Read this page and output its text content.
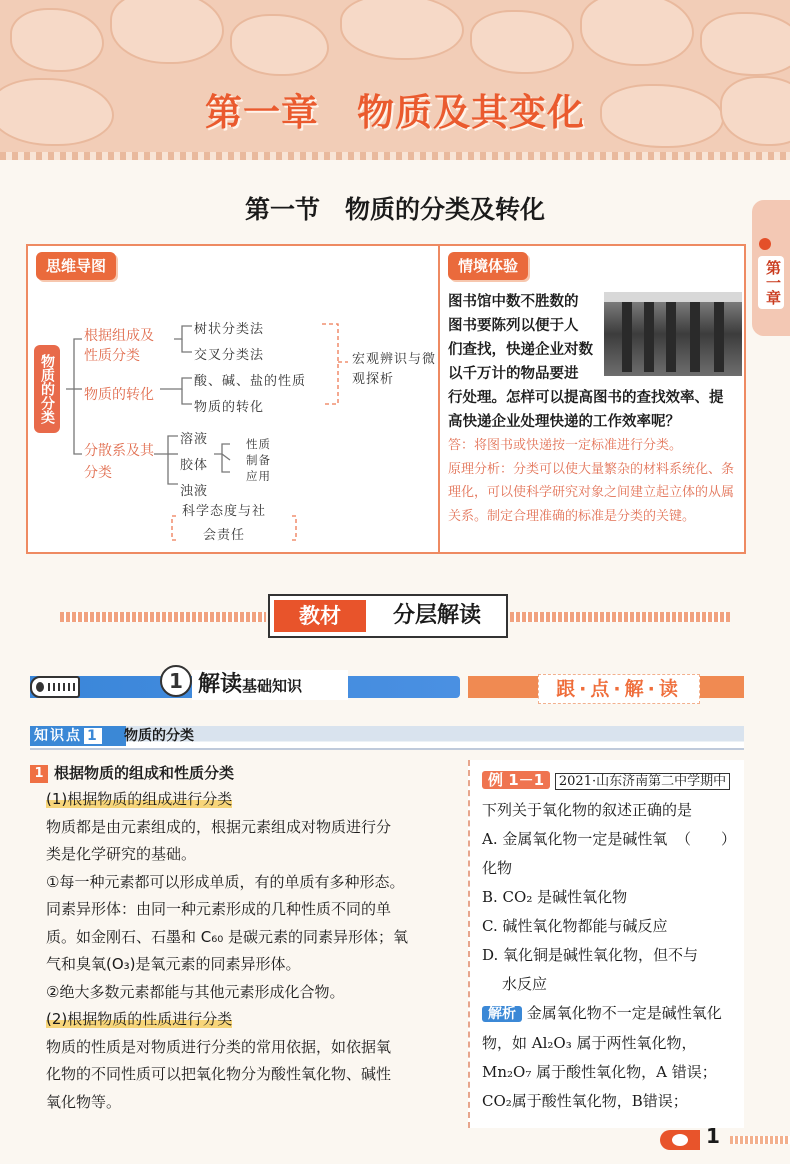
第一章　物质及其变化
第一节　物质的分类及转化
第一章
思维导图	情境体验
物质的分类
根据组成及性质分类
树状分类法
交叉分类法
物质的转化
酸、碱、盐的性质
物质的转化
分散系及其分类
溶液
胶体
浊液
性质制备应用
宏观辨识与微观探析
科学态度与社会责任
图书馆中数不胜数的
图书要陈列以便于人
们查找，快递企业对数
以千万计的物品要进
行处理。怎样可以提高图书的查找效率、提
高快递企业处理快递的工作效率呢？
答：将图书或快递按一定标准进行分类。
原理分析：分类可以使大量繁杂的材料系统化、条理化，可以使科学研究对象之间建立起立体的从属关系。制定合理准确的标准是分类的关键。
教材	分层解读
1 解读基础知识	跟·点·解·读
知识点 1	物质的分类
1 根据物质的组成和性质分类
(1)根据物质的组成进行分类
物质都是由元素组成的，根据元素组成对物质进行分
类是化学研究的基础。
①每一种元素都可以形成单质，有的单质有多种形态。
同素异形体：由同一种元素形成的几种性质不同的单
质。如金刚石、石墨和 C₆₀ 是碳元素的同素异形体；氧
气和臭氧(O₃)是氧元素的同素异形体。
②绝大多数元素都能与其他元素形成化合物。
(2)根据物质的性质进行分类
物质的性质是对物质进行分类的常用依据，如依据氧
化物的不同性质可以把氧化物分为酸性氧化物、碱性
氧化物等。
例 1－1 2021·山东济南第二中学期中下列关于氧化物的叙述正确的是
（　　）
A. 金属氧化物一定是碱性氧化物
B. CO₂ 是碱性氧化物
C. 碱性氧化物都能与碱反应
D. 氧化铜是碱性氧化物，但不与
水反应
解析 金属氧化物不一定是碱性氧化物，如 Al₂O₃ 属于两性氧化物，Mn₂O₇ 属于酸性氧化物，A 错误；CO₂属于酸性氧化物，B错误；
1
